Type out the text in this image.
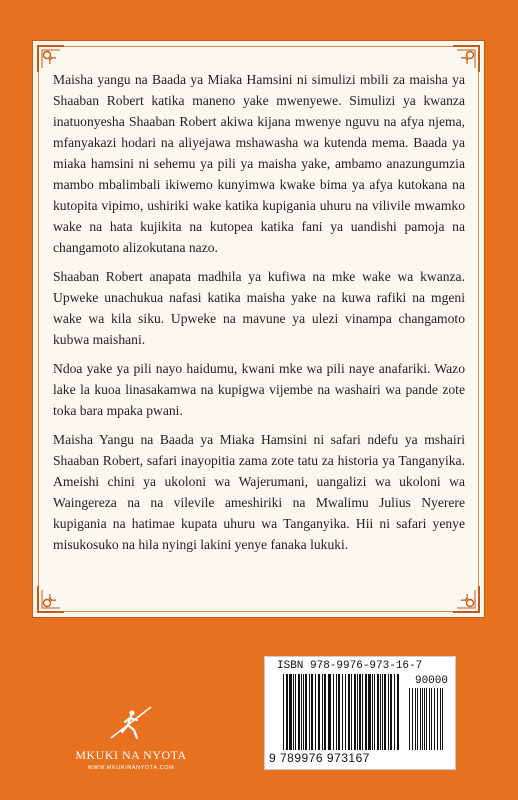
Maisha yangu na Baada ya Miaka Hamsini ni simulizi mbili za maisha ya Shaaban Robert katika maneno yake mwenyewe. Simulizi ya kwanza inatuonyesha Shaaban Robert akiwa kijana mwenye nguvu na afya njema, mfanyakazi hodari na aliyejawa mshawasha wa kutenda mema. Baada ya miaka hamsini ni sehemu ya pili ya maisha yake, ambamo anazungumzia mambo mbalimbali ikiwemo kunyimwa kwake bima ya afya kutokana na kutopita vipimo, ushiriki wake katika kupigania uhuru na vilivile mwamko wake na hata kujikita na kutopea katika fani ya uandishi pamoja na changamoto alizokutana nazo.

Shaaban Robert anapata madhila ya kufiwa na mke wake wa kwanza. Upweke unachukua nafasi katika maisha yake na kuwa rafiki na mgeni wake wa kila siku. Upweke na mavune ya ulezi vinampa changamoto kubwa maishani.

Ndoa yake ya pili nayo haidumu, kwani mke wa pili naye anafariki. Wazo lake la kuoa linasakamwa na kupigwa vijembe na washairi wa pande zote toka bara mpaka pwani.

Maisha Yangu na Baada ya Miaka Hamsini ni safari ndefu ya mshairi Shaaban Robert, safari inayopitia zama zote tatu za historia ya Tanganyika. Ameishi chini ya ukoloni wa Wajerumani, uangalizi wa ukoloni wa Waingereza na na vilevile ameshiriki na Mwalimu Julius Nyerere kupigania na hatimae kupata uhuru wa Tanganyika. Hii ni safari yenye misukosuko na hila nyingi lakini yenye fanaka lukuki.

MKUKI NA NYOTA
WWW.MKUKINANYOTA.COM
ISBN 978-9976-973-16-7
90000
9 789976 973167
